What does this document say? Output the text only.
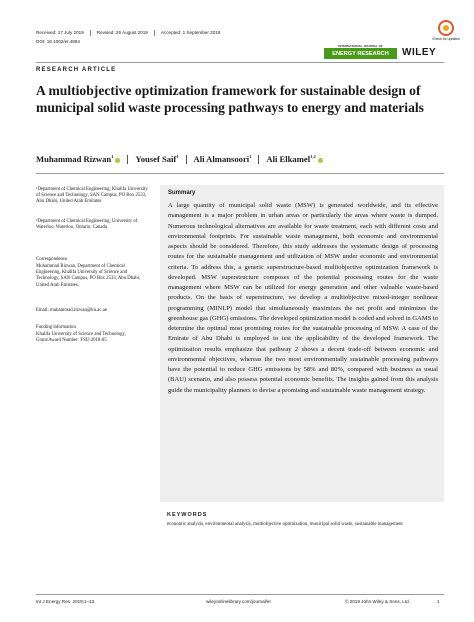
Received: 17 July 2019	Revised: 26 August 2019	Accepted: 1 September 2019
DOI: 10.1002/er.4884	Check for updates
INTERNATIONAL JOURNAL OF
ENERGY RESEARCH WILEY
RESEARCH ARTICLE
A multiobjective optimization framework for sustainable design of municipal solid waste processing pathways to energy and materials
Muhammad Rizwan$^1$	Yousef Saif$^1$ Ali Almansoori$^1$ Ali Elkamel$^{1,2}$
¹Department of Chemical Engineering, Khalifa University of Science and Technology, SAN Campus, PO Box 2533, Abu Dhabi, United Arab Emirates
²Department of Chemical Engineering, University of Waterloo, Waterloo, Ontario, Canada
Correspondence
Muhammad Rizwan, Department of Chemical Engineering, Khalifa University of Science and Technology, SAN Campus, PO Box 2533, Abu Dhabi, United Arab Emirates.
Email: muhammad.rizwan@ku.ac.ae
Funding information
Khalifa University of Science and Technology, Grant/Award Number: FSU-2018-05
Summary
A large quantity of municipal solid waste (MSW) is generated worldwide, and its effective management is a major problem in urban areas or particularly the areas where waste is dumped. Numerous technological alternatives are available for waste treatment, each with different costs and environmental footprints. For sustainable waste management, both economic and environmental aspects should be considered. Therefore, this study addresses the systematic design of processing routes for the sustainable management and utilization of MSW under economic and environmental criteria. To address this, a generic superstructure-based multiobjective optimization framework is developed. MSW superstructure composes of the potential processing routes for the waste management where MSW can be utilized for energy generation and other valuable waste-based products. On the basis of superstructure, we develop a multiobjective mixed-integer nonlinear programming (MINLP) model that simultaneously maximizes the net profit and minimizes the greenhouse gas (GHG) emissions. The developed optimization model is coded and solved in GAMS to determine the optimal most promising routes for the sustainable processing of MSW. A case of the Emirate of Abu Dhabi is employed to test the applicability of the developed framework. The optimization results emphasize that pathway 2 shows a decent trade-off between economic and environmental objectives, whereas the two most environmentally sustainable processing pathways have the potential to reduce GHG emissions by 58% and 80%, compared with business as usual (BAU) scenario, and also possess potential economic benefits. The insights gained from this analysis guide the municipality planners to devise a promising and sustainable waste management strategy.
KEYWORDS
economic analysis, environmental analysis, multiobjective optimization, municipal solid waste, sustainable management
Int J Energy Res. 2019;1–13.	wileyonlinelibrary.com/journal/er	© 2019 John Wiley & Sons, Ltd.	1
